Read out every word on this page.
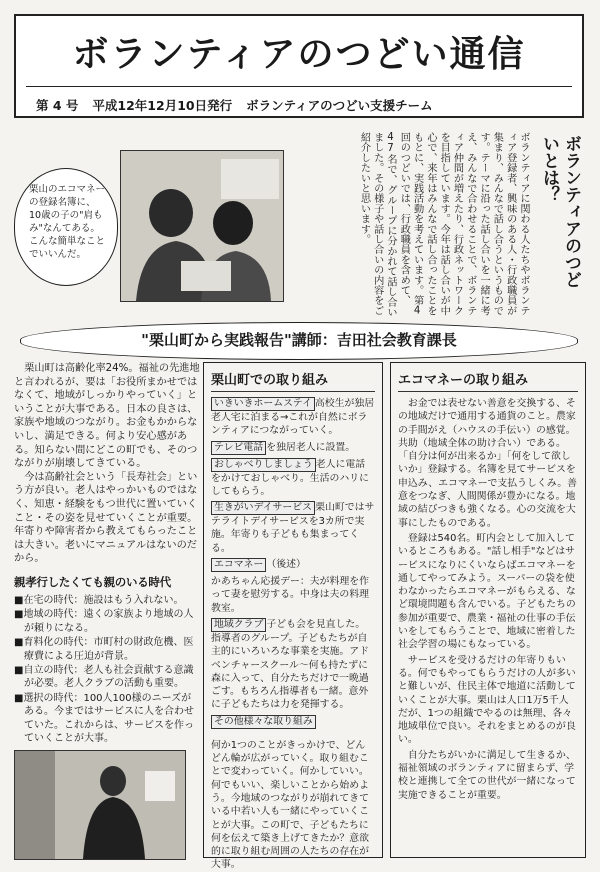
ボランティアのつどい通信
第 4 号 平成12年12月10日発行 ボランティアのつどい支援チーム
ボランティアのつどいとは？
ボランティアに関わる人たちやボランティア登録者、興味のある人・行政職員が集まり、みんなで話し合うというものです。テーマに沿った話し合いを一緒に考え、みんなで合わせることで、ボランティア仲間が増えたり、行政ネットワークを目指しています。今年は話し合いが中心で、来年はみんなで話し合ったことをもとに、実践活動を考えています。第4回のつどいでは、行政職員を含めて、47名で、グループに分かれて話し合いました。その様子や話し合いの内容をご紹介したいと思います。
栗山のエコマネーの登録名簿に、10歳の子の"肩もみ"なんてある。こんな簡単なことでいいんだ。
"栗山町から実践報告"講師：吉田社会教育課長

栗山町は高齢化率24%。福祉の先進地と言われるが、要は「お役所まかせではなくて、地域がしっかりやっていく」ということが大事である。日本の良さは、家族や地域のつながり。お金もかからないし、満足できる。何より安心感がある。知らない間にどこの町でも、そのつながりが崩壊してきている。

今は高齢社会という「長寿社会」という方が良い。老人はやっかいものではなく、知恵・経験をもつ世代に置いていくこと・その姿を見せていくことが重要。年寄りや障害者から教えてもらったことは大きい。老いにマニュアルはないのだから。

親孝行したくても親のいる時代
■在宅の時代：施設はもう入れない。
■地域の時代：遠くの家族より地域の人が頼りになる。
■育料化の時代：市町村の財政危機、医療費による圧迫が背景。
■自立の時代：老人も社会貢献する意識が必要。老人クラブの活動も重要。
■選択の時代：100人100様のニーズがある。今まではサービスに人を合わせていた。これからは、サービスを作っていくことが大事。
栗山町での取り組み
いきいきホームステイ 高校生が独居老人宅に泊まる→これが自然にボランティアにつながっていく。
テレビ電話 を独居老人に設置。
おしゃべりしましょう 老人に電話をかけておしゃべり。生活のハリにしてもらう。
生きがいデイサービス 栗山町ではサテライトデイサービスを3カ所で実施。年寄りも子どもも集まってくる。
エコマネー （後述）
かあちゃん応援デー：夫が料理を作って妻を慰労する。中身は夫の料理教室。
地域クラブ 子ども会を見直した。指導者のグループ。子どもたちが自主的にいろいろな事業を実施。アドベンチャースクール～何も持たずに森に入って、自分たちだけで一晩過ごす。もちろん指導者も一緒。意外に子どもたちは力を発揮する。
その他様々な取り組み
何か1つのことがきっかけで、どんどん輪が広がっていく。取り組むことで変わっていく。何かしていい。何でもいい、楽しいことから始めよう。今地域のつながりが崩れてきている中若い人も一緒にやっていくことが大事。この町で、子どもたちに何を伝えて築き上げてきたか？意欲的に取り組む周囲の人たちの存在が大事。
エコマネーの取り組み

お金では表せない善意を交換する、その地域だけで通用する通貨のこと。農家の手間がえ（ハウスの手伝い）の感覚。共助（地域全体の助け合い）である。「自分は何が出来るか」「何をして欲しいか」登録する。名簿を見てサービスを申込み、エコマネーで支払うしくみ。善意をつなぎ、人間関係が豊かになる。地域の結びつきも強くなる。心の交流を大事にしたものである。

登録は540名。町内会として加入しているところもある。"話し相手"などはサービスになりにくいならばエコマネーを通してやってみよう。スーパーの袋を使わなかったらエコマネーがもらえる、など環境問題も含んでいる。子どもたちの参加が重要で、農業・福祉の仕事の手伝いをしてもらうことで、地域に密着した社会学習の場にもなっている。

サービスを受けるだけの年寄りもいる。何でもやってもらうだけの人が多いと難しいが、住民主体で地道に活動していくことが大事。栗山は人口1万5千人だが、1つの組織でやるのは無理、各々地域単位で良い。それをまとめるのが良い。

自分たちがいかに満足して生きるか、福祉領域のボランティアに留まらず、学校と連携して全ての世代が一緒になって実施できることが重要。
